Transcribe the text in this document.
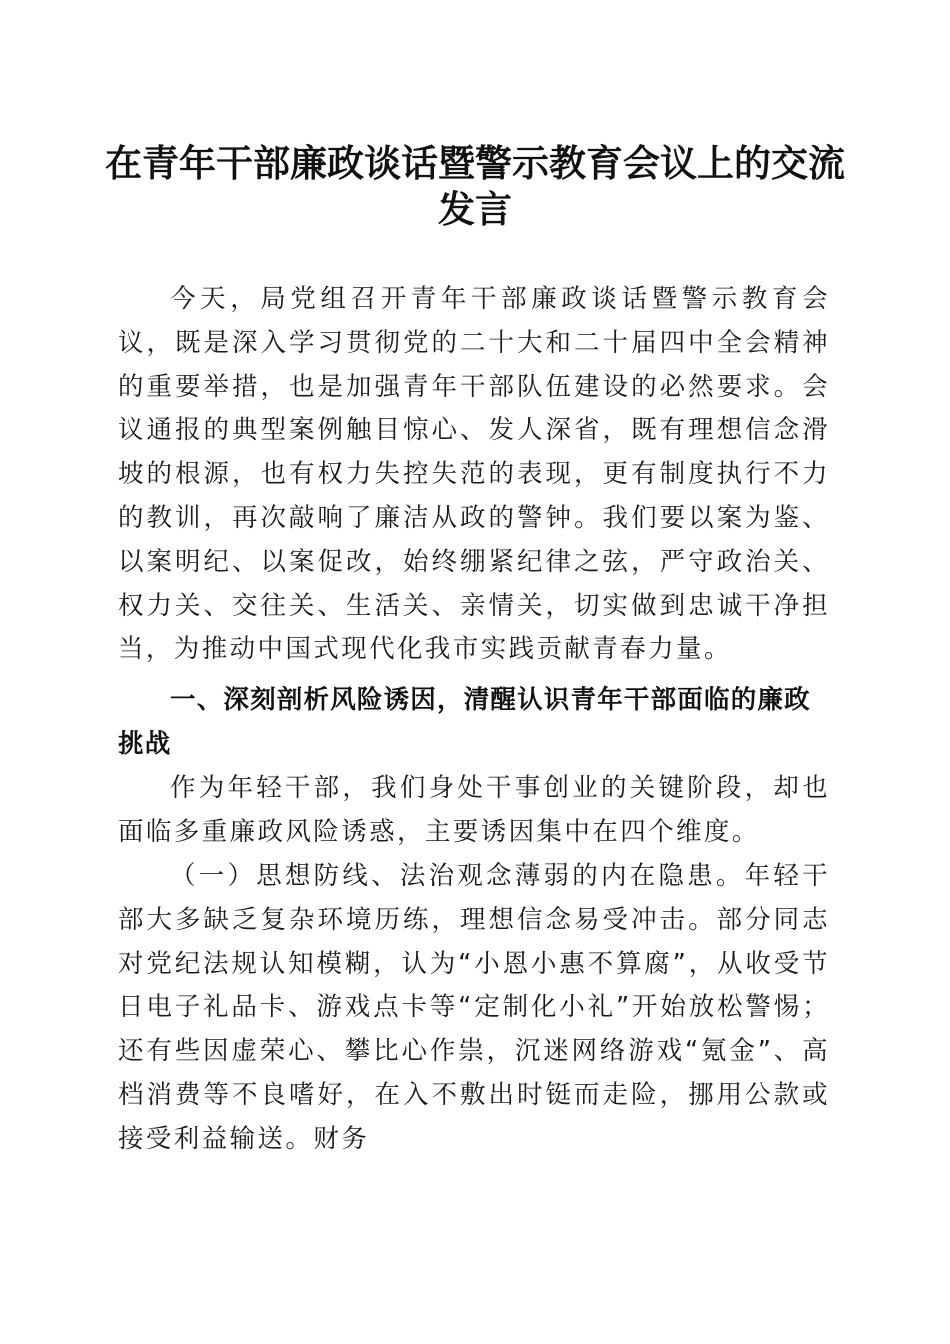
在青年干部廉政谈话暨警示教育会议上的交流
发言

今天，局党组召开青年干部廉政谈话暨警示教育会议，既是深入学习贯彻党的二十大和二十届四中全会精神的重要举措，也是加强青年干部队伍建设的必然要求。会议通报的典型案例触目惊心、发人深省，既有理想信念滑坡的根源，也有权力失控失范的表现，更有制度执行不力的教训，再次敲响了廉洁从政的警钟。我们要以案为鉴、以案明纪、以案促改，始终绷紧纪律之弦，严守政治关、权力关、交往关、生活关、亲情关，切实做到忠诚干净担当，为推动中国式现代化我市实践贡献青春力量。

一、深刻剖析风险诱因，清醒认识青年干部面临的廉政挑战

作为年轻干部，我们身处干事创业的关键阶段，却也面临多重廉政风险诱惑，主要诱因集中在四个维度。

（一）思想防线、法治观念薄弱的内在隐患。年轻干部大多缺乏复杂环境历练，理想信念易受冲击。部分同志对党纪法规认知模糊，认为“小恩小惠不算腐”，从收受节日电子礼品卡、游戏点卡等“定制化小礼”开始放松警惕；还有些因虚荣心、攀比心作祟，沉迷网络游戏“氪金”、高档消费等不良嗜好，在入不敷出时铤而走险，挪用公款或接受利益输送。财务
